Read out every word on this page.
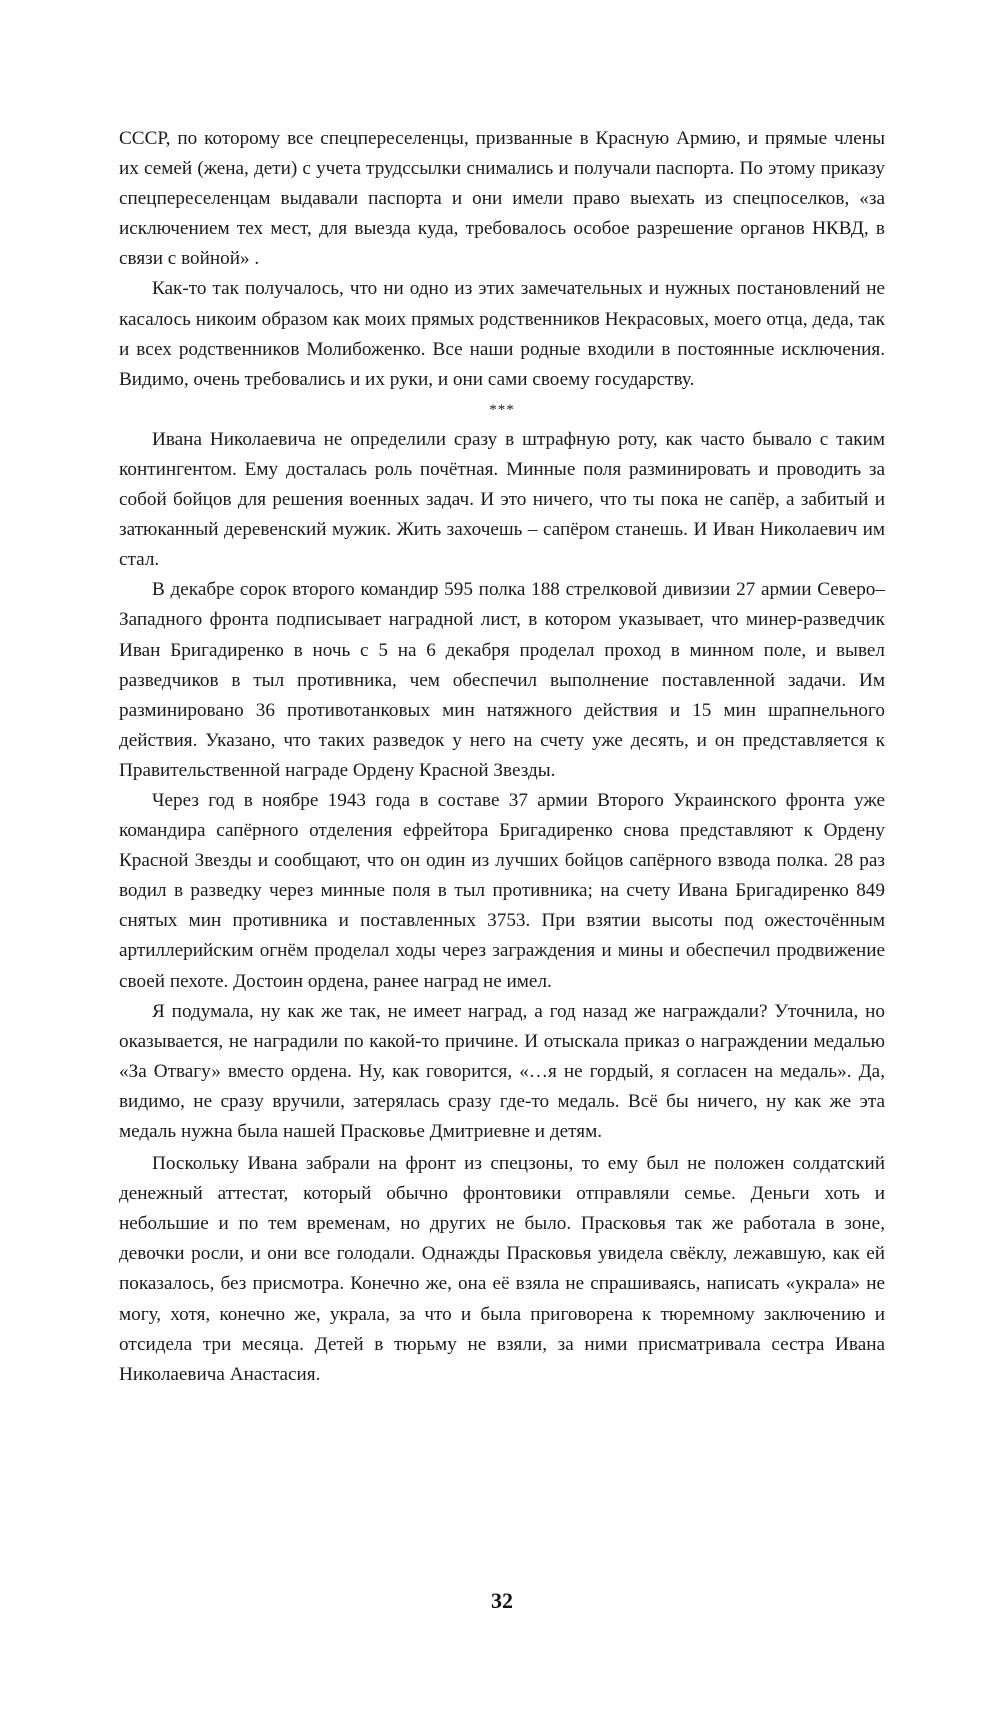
СССР, по которому все спецпереселенцы, призванные в Красную Армию, и прямые члены их семей (жена, дети) с учета трудссылки снимались и получали паспорта. По этому приказу спецпереселенцам выдавали паспорта и они имели право выехать из спецпоселков, «за исключением тех мест, для выезда куда, требовалось особое разрешение органов НКВД, в связи с войной» .

Как-то так получалось, что ни одно из этих замечательных и нужных постановлений не касалось никоим образом как моих прямых родственников Некрасовых, моего отца, деда, так и всех родственников Молибоженко. Все наши родные входили в постоянные исключения. Видимо, очень требовались и их руки, и они сами своему государству.

***

Ивана Николаевича не определили сразу в штрафную роту, как часто бывало с таким контингентом. Ему досталась роль почётная. Минные поля разминировать и проводить за собой бойцов для решения военных задач. И это ничего, что ты пока не сапёр, а забитый и затюканный деревенский мужик. Жить захочешь – сапёром станешь. И Иван Николаевич им стал.

В декабре сорок второго командир 595 полка 188 стрелковой дивизии 27 армии Северо–Западного фронта подписывает наградной лист, в котором указывает, что минер-разведчик Иван Бригадиренко в ночь с 5 на 6 декабря проделал проход в минном поле, и вывел разведчиков в тыл противника, чем обеспечил выполнение поставленной задачи. Им разминировано 36 противотанковых мин натяжного действия и 15 мин шрапнельного действия. Указано, что таких разведок у него на счету уже десять, и он представляется к Правительственной награде Ордену Красной Звезды.

Через год в ноябре 1943 года в составе 37 армии Второго Украинского фронта уже командира сапёрного отделения ефрейтора Бригадиренко снова представляют к Ордену Красной Звезды и сообщают, что он один из лучших бойцов сапёрного взвода полка. 28 раз водил в разведку через минные поля в тыл противника; на счету Ивана Бригадиренко 849 снятых мин противника и поставленных 3753. При взятии высоты под ожесточённым артиллерийским огнём проделал ходы через заграждения и мины и обеспечил продвижение своей пехоте. Достоин ордена, ранее наград не имел.

Я подумала, ну как же так, не имеет наград, а год назад же награждали? Уточнила, но оказывается, не наградили по какой-то причине. И отыскала приказ о награждении медалью «За Отвагу» вместо ордена. Ну, как говорится, «…я не гордый, я согласен на медаль». Да, видимо, не сразу вручили, затерялась сразу где-то медаль. Всё бы ничего, ну как же эта медаль нужна была нашей Прасковье Дмитриевне и детям.

Поскольку Ивана забрали на фронт из спецзоны, то ему был не положен солдатский денежный аттестат, который обычно фронтовики отправляли семье. Деньги хоть и небольшие и по тем временам, но других не было. Прасковья так же работала в зоне, девочки росли, и они все голодали. Однажды Прасковья увидела свёклу, лежавшую, как ей показалось, без присмотра. Конечно же, она её взяла не спрашиваясь, написать «украла» не могу, хотя, конечно же, украла, за что и была приговорена к тюремному заключению и отсидела три месяца. Детей в тюрьму не взяли, за ними присматривала сестра Ивана Николаевича Анастасия.

32
